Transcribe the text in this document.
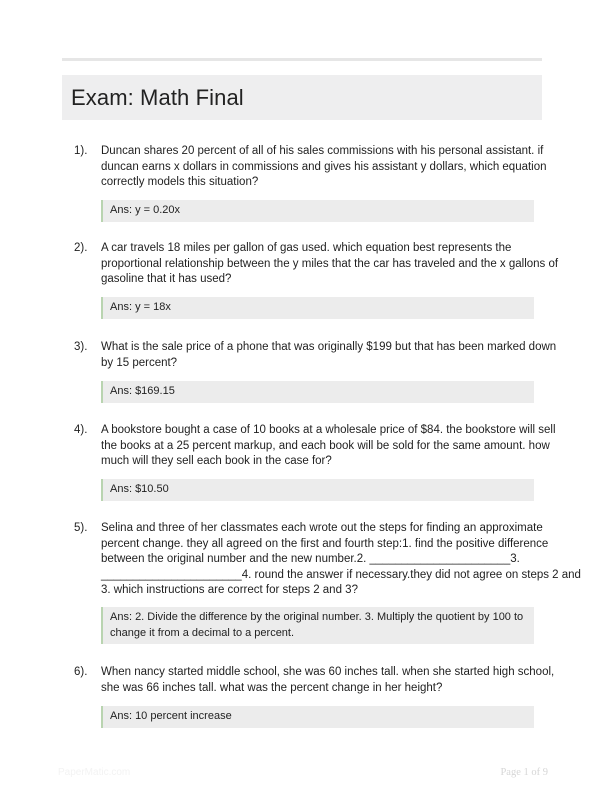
Exam: Math Final
1). Duncan shares 20 percent of all of his sales commissions with his personal assistant. if
duncan earns x dollars in commissions and gives his assistant y dollars, which equation
correctly models this situation?
Ans: y = 0.20x
2). A car travels 18 miles per gallon of gas used. which equation best represents the
proportional relationship between the y miles that the car has traveled and the x gallons of
gasoline that it has used?
Ans: y = 18x
3). What is the sale price of a phone that was originally $199 but that has been marked down
by 15 percent?
Ans: $169.15
4). A bookstore bought a case of 10 books at a wholesale price of $84. the bookstore will sell
the books at a 25 percent markup, and each book will be sold for the same amount. how
much will they sell each book in the case for?
Ans: $10.50
5). Selina and three of her classmates each wrote out the steps for finding an approximate
percent change. they all agreed on the first and fourth step:1. find the positive difference
between the original number and the new number.2. ______________________3.
______________________4. round the answer if necessary.they did not agree on steps 2 and
3. which instructions are correct for steps 2 and 3?
Ans: 2. Divide the difference by the original number. 3. Multiply the quotient by 100 to
change it from a decimal to a percent.
6). When nancy started middle school, she was 60 inches tall. when she started high school,
she was 66 inches tall. what was the percent change in her height?
Ans: 10 percent increase
PaperMatic.com	Page 1 of 9
